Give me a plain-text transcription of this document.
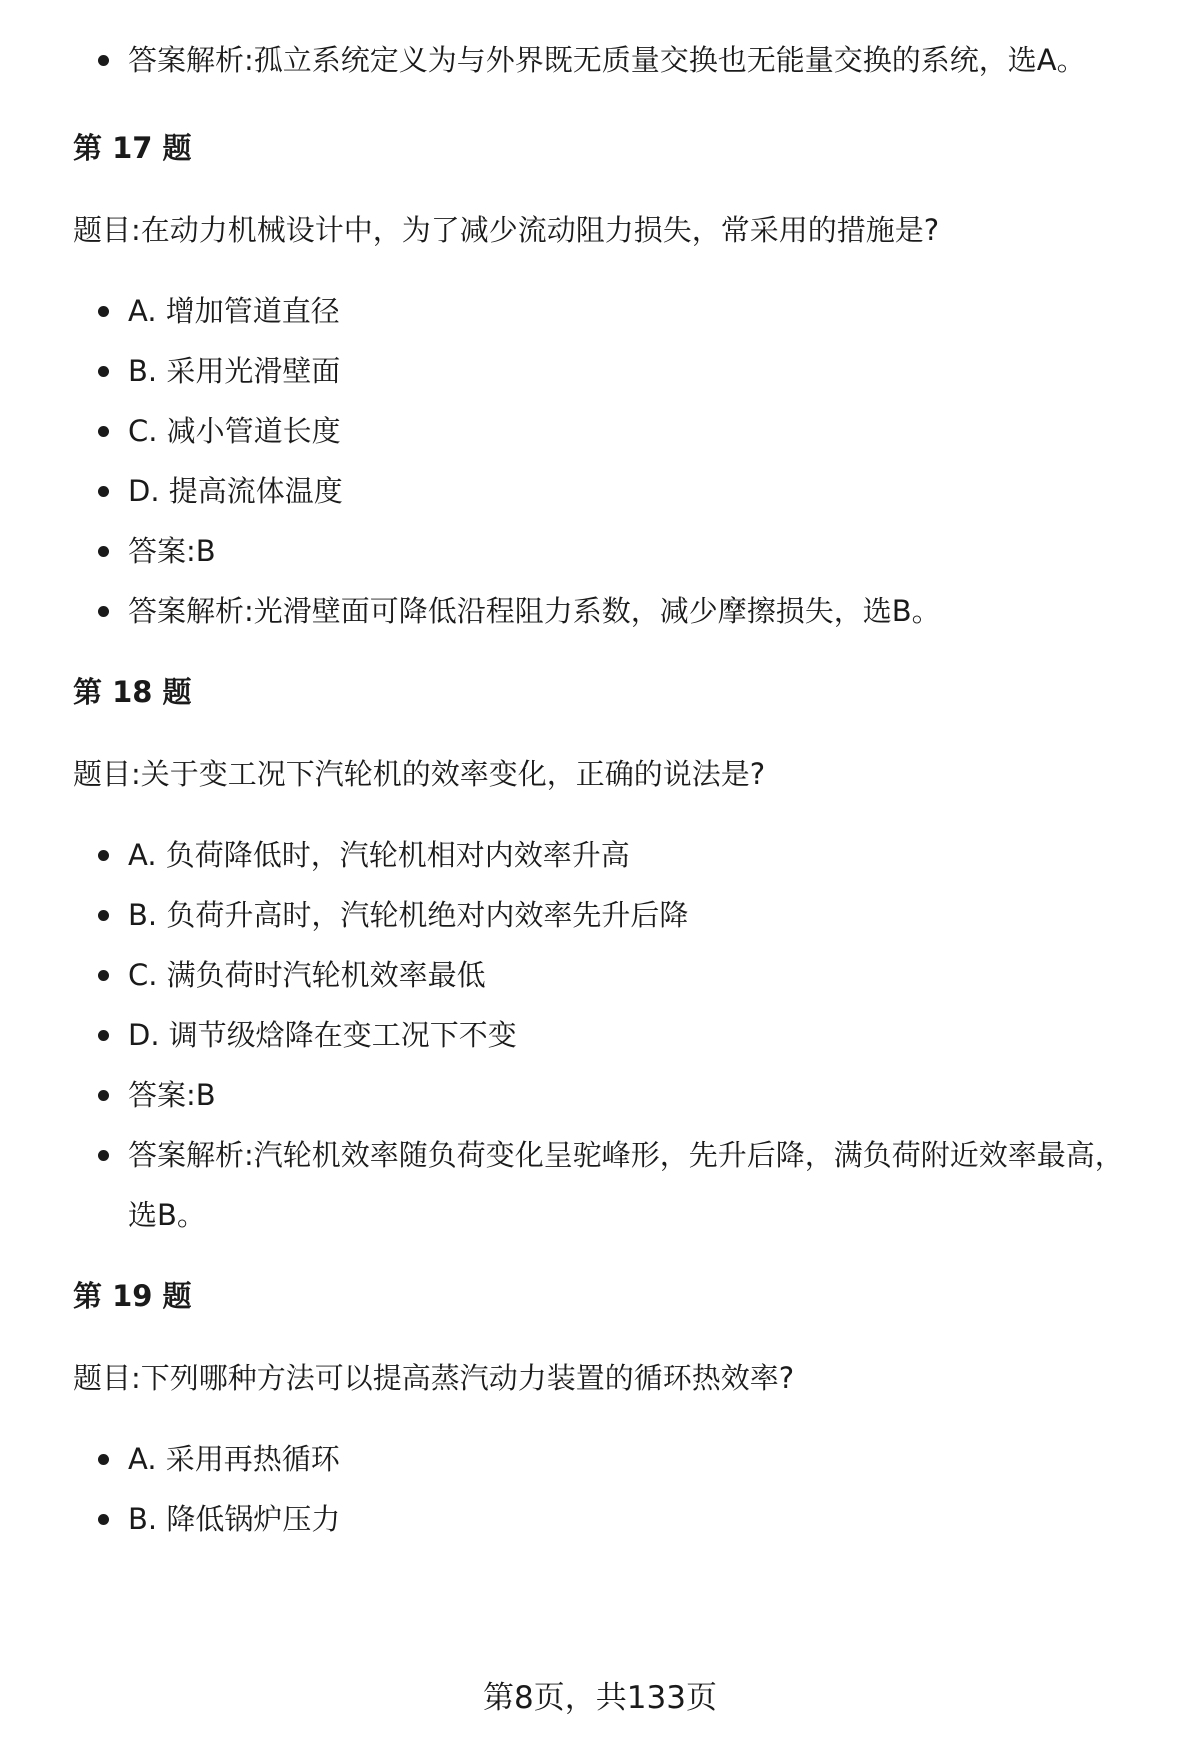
答案解析:孤立系统定义为与外界既无质量交换也无能量交换的系统，选A。

第 17 题

题目:在动力机械设计中，为了减少流动阻力损失，常采用的措施是?

A. 增加管道直径
B. 采用光滑壁面
C. 减小管道长度
D. 提高流体温度
答案:B
答案解析:光滑壁面可降低沿程阻力系数，减少摩擦损失，选B。

第 18 题

题目:关于变工况下汽轮机的效率变化，正确的说法是?

A. 负荷降低时，汽轮机相对内效率升高
B. 负荷升高时，汽轮机绝对内效率先升后降
C. 满负荷时汽轮机效率最低
D. 调节级焓降在变工况下不变
答案:B
答案解析:汽轮机效率随负荷变化呈驼峰形，先升后降，满负荷附近效率最高，选B。

第 19 题

题目:下列哪种方法可以提高蒸汽动力装置的循环热效率?

A. 采用再热循环
B. 降低锅炉压力
第8页，共133页
